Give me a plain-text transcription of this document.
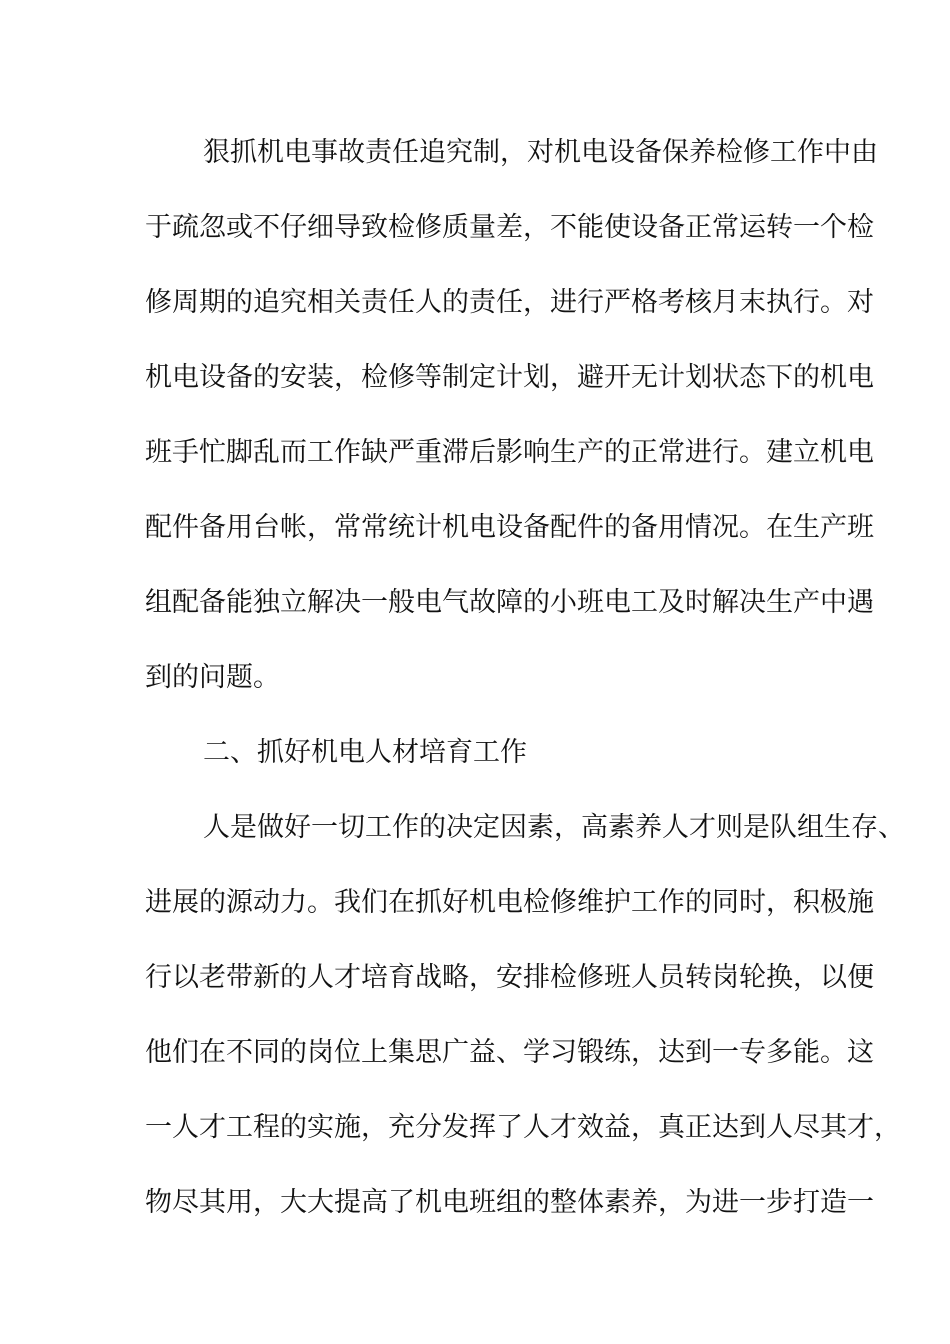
狠抓机电事故责任追究制，对机电设备保养检修工作中由
于疏忽或不仔细导致检修质量差，不能使设备正常运转一个检
修周期的追究相关责任人的责任，进行严格考核月末执行。对
机电设备的安装，检修等制定计划，避开无计划状态下的机电
班手忙脚乱而工作缺严重滞后影响生产的正常进行。建立机电
配件备用台帐，常常统计机电设备配件的备用情况。在生产班
组配备能独立解决一般电气故障的小班电工及时解决生产中遇
到的问题。
二、抓好机电人材培育工作
人是做好一切工作的决定因素，高素养人才则是队组生存、
进展的源动力。我们在抓好机电检修维护工作的同时，积极施
行以老带新的人才培育战略，安排检修班人员转岗轮换，以便
他们在不同的岗位上集思广益、学习锻练，达到一专多能。这
一人才工程的实施，充分发挥了人才效益，真正达到人尽其才，
物尽其用，大大提高了机电班组的整体素养，为进一步打造一
